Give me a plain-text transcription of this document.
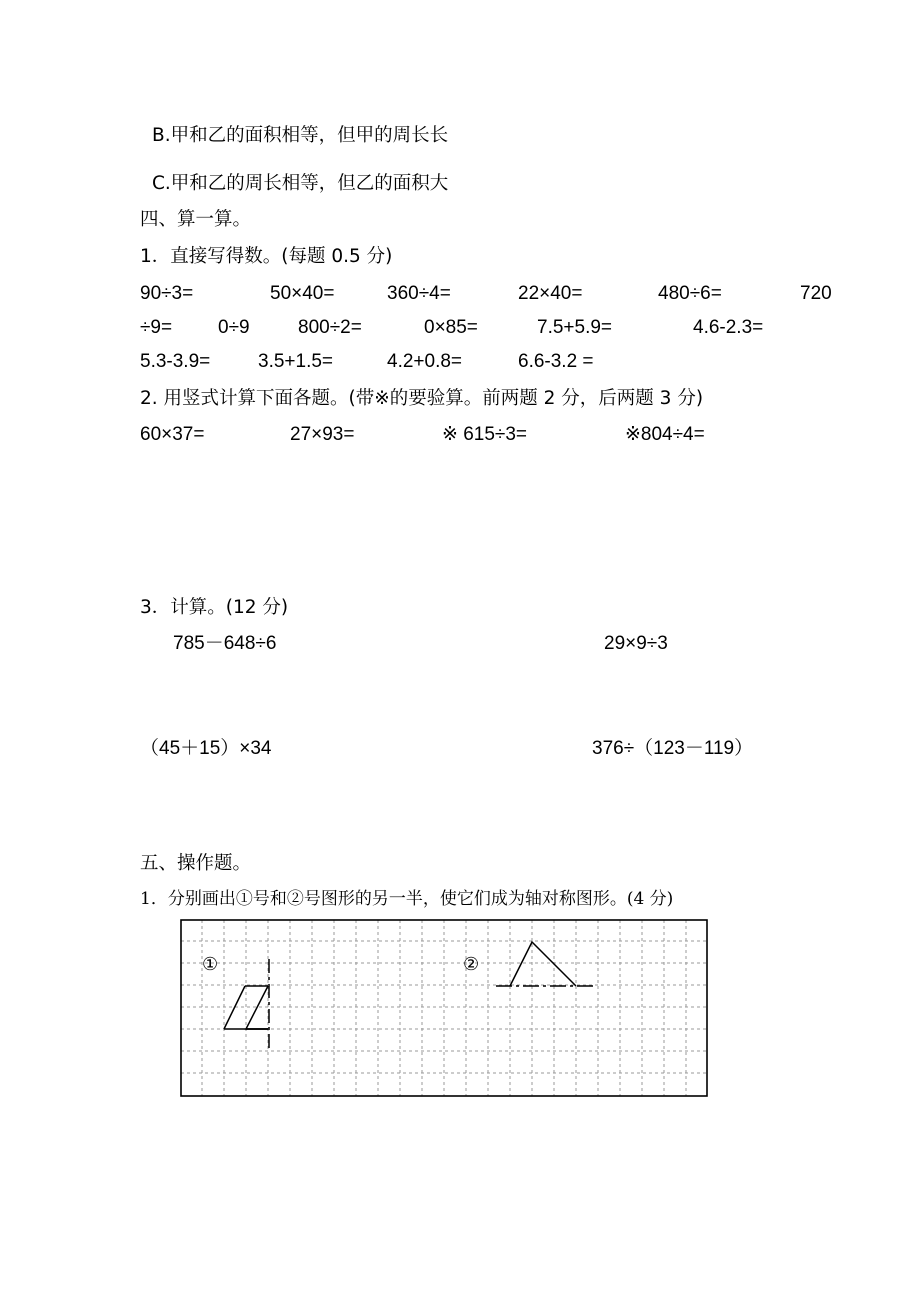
B.甲和乙的面积相等，但甲的周长长
C.甲和乙的周长相等，但乙的面积大
四、算一算。
1．直接写得数。(每题 0.5 分)
90÷3=	50×40=	360÷4=	22×40=	480÷6=	720
÷9= 0÷9	800÷2=	0×85=	7.5+5.9=	4.6-2.3=
5.3-3.9=	3.5+1.5=	4.2+0.8=	6.6-3.2 =
2. 用竖式计算下面各题。(带※的要验算。前两题 2 分，后两题 3 分)
60×37=	27×93=	※ 615÷3=	※804÷4=
3．计算。(12 分)
785－648÷6	29×9÷3
（45＋15）×34	376÷（123－119）
五、操作题。
1．分别画出①号和②号图形的另一半，使它们成为轴对称图形。(4 分)
①	②
